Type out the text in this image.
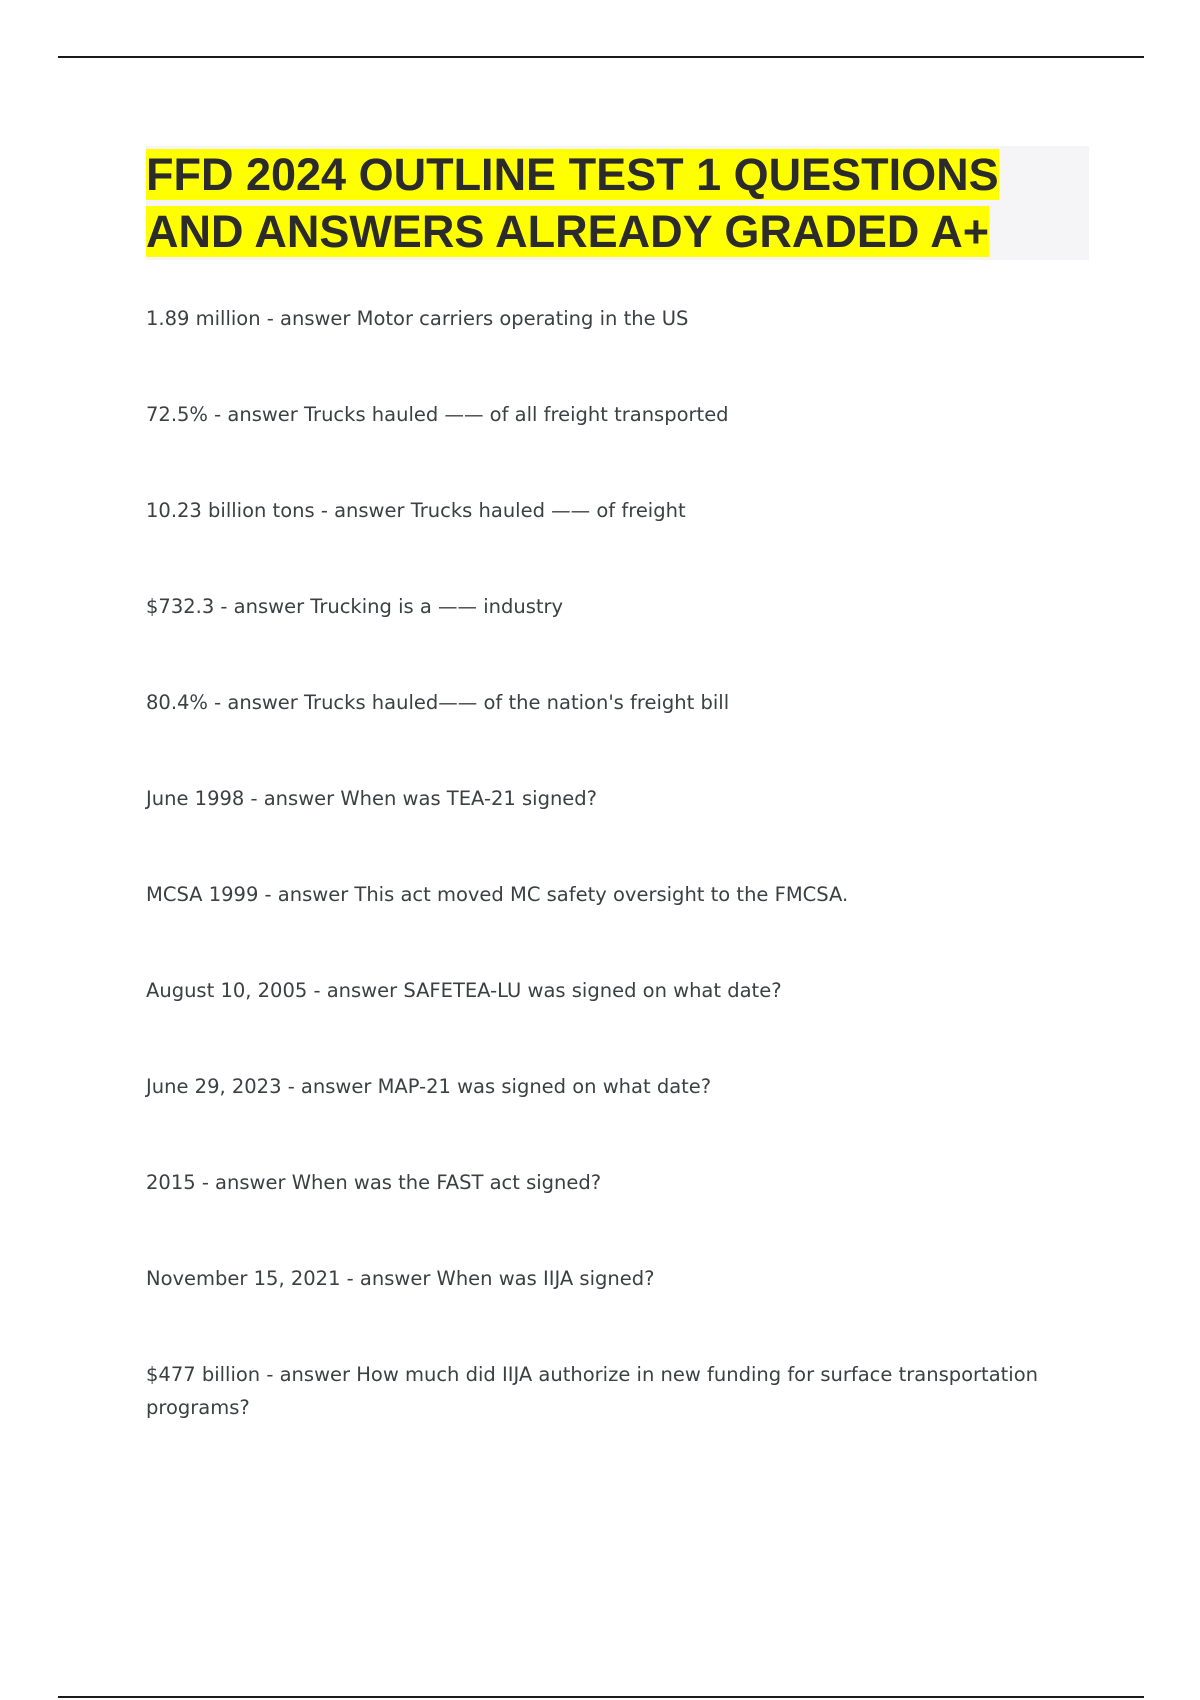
FFD 2024 OUTLINE TEST 1 QUESTIONS
AND ANSWERS ALREADY GRADED A+
1.89 million - answer Motor carriers operating in the US
72.5% - answer Trucks hauled —— of all freight transported
10.23 billion tons - answer Trucks hauled —— of freight
$732.3 - answer Trucking is a —— industry
80.4% - answer Trucks hauled—— of the nation's freight bill
June 1998 - answer When was TEA-21 signed?
MCSA 1999 - answer This act moved MC safety oversight to the FMCSA.
August 10, 2005 - answer SAFETEA-LU was signed on what date?
June 29, 2023 - answer MAP-21 was signed on what date?
2015 - answer When was the FAST act signed?
November 15, 2021 - answer When was IIJA signed?
$477 billion - answer How much did IIJA authorize in new funding for surface transportation programs?
